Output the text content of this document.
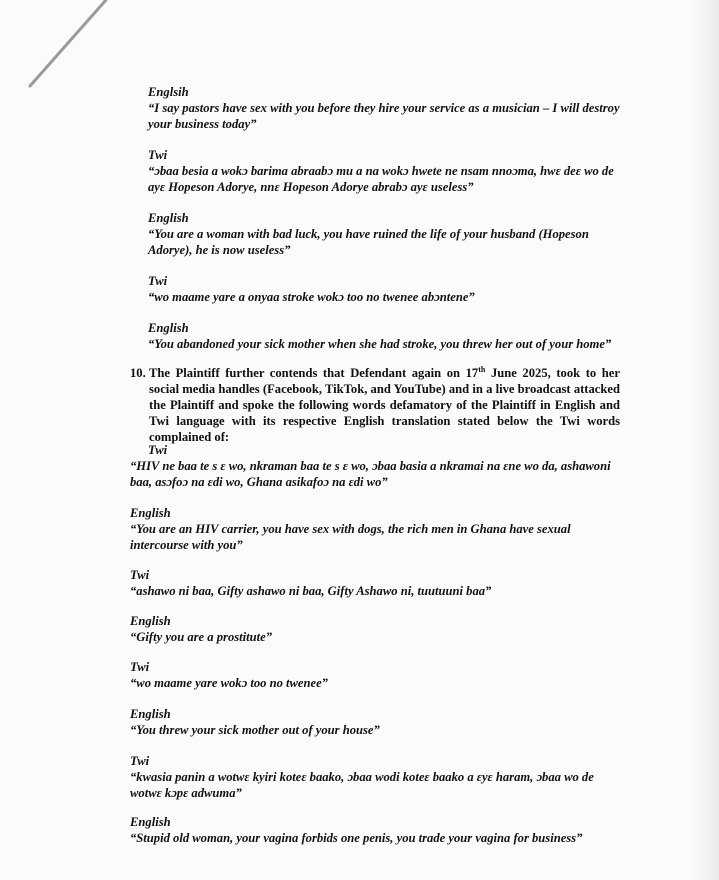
Englsih
“I say pastors have sex with you before they hire your service as a musician – I will destroy your business today”
Twi
“ɔbaa besia a wokɔ barima abraabɔ mu a na wokɔ hwete ne nsam nnoɔma, hwɛ deɛ wo de ayɛ Hopeson Adorye, nnɛ Hopeson Adorye abrabɔ ayɛ useless”
English
“You are a woman with bad luck, you have ruined the life of your husband (Hopeson Adorye), he is now useless”
Twi
“wo maame yare a onyaa stroke wokɔ too no twenee abɔntene”
English
“You abandoned your sick mother when she had stroke, you threw her out of your home”
10. The Plaintiff further contends that Defendant again on 17th June 2025, took to her social media handles (Facebook, TikTok, and YouTube) and in a live broadcast attacked the Plaintiff and spoke the following words defamatory of the Plaintiff in English and Twi language with its respective English translation stated below the Twi words complained of:
Twi
“HIV ne baa te s ɛ wo, nkraman baa te s ɛ wo, ɔbaa basia a nkramai na ɛne wo da, ashawoni baa, asɔfoɔ na ɛdi wo, Ghana asikafoɔ na ɛdi wo”
English
“You are an HIV carrier, you have sex with dogs, the rich men in Ghana have sexual intercourse with you”
Twi
“ashawo ni baa, Gifty ashawo ni baa, Gifty Ashawo ni, tuutuuni baa”
English
“Gifty you are a prostitute”
Twi
“wo maame yare wokɔ too no twenee”
English
“You threw your sick mother out of your house”
Twi
“kwasia panin a wotwɛ kyiri koteɛ baako, ɔbaa wodi koteɛ baako a ɛyɛ haram, ɔbaa wo de wotwɛ kɔpɛ adwuma”
English
“Stupid old woman, your vagina forbids one penis, you trade your vagina for business”
